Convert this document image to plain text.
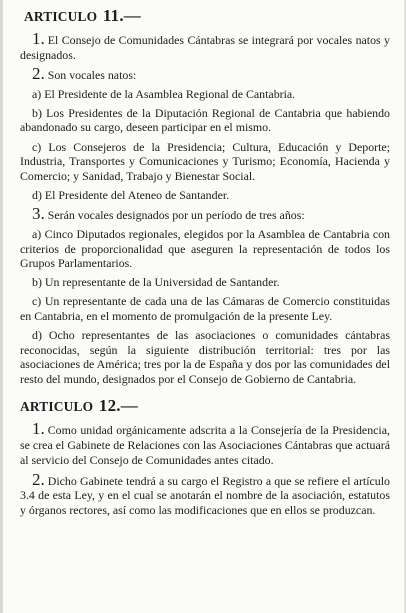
ARTICULO 11.—

1. El Consejo de Comunidades Cántabras se integrará por vocales natos y designados.

2. Son vocales natos:

a) El Presidente de la Asamblea Regional de Cantabria.

b) Los Presidentes de la Diputación Regional de Cantabria que habiendo abandonado su cargo, deseen participar en el mismo.

c) Los Consejeros de la Presidencia; Cultura, Educación y Deporte; Industria, Transportes y Comunicaciones y Turismo; Economía, Hacienda y Comercio; y Sanidad, Trabajo y Bienestar Social.

d) El Presidente del Ateneo de Santander.

3. Serán vocales designados por un período de tres años:

a) Cinco Diputados regionales, elegidos por la Asamblea de Cantabria con criterios de proporcionalidad que aseguren la representación de todos los Grupos Parlamentarios.

b) Un representante de la Universidad de Santander.

c) Un representante de cada una de las Cámaras de Comercio constituidas en Cantabria, en el momento de promulgación de la presente Ley.

d) Ocho representantes de las asociaciones o comunidades cántabras reconocidas, según la siguiente distribución territorial: tres por las asociaciones de América; tres por la de España y dos por las comunidades del resto del mundo, designados por el Consejo de Gobierno de Cantabria.

ARTICULO 12.—

1. Como unidad orgánicamente adscrita a la Consejería de la Presidencia, se crea el Gabinete de Relaciones con las Asociaciones Cántabras que actuará al servicio del Consejo de Comunidades antes citado.

2. Dicho Gabinete tendrá a su cargo el Registro a que se refiere el artículo 3.4 de esta Ley, y en el cual se anotarán el nombre de la asociación, estatutos y órganos rectores, así como las modificaciones que en ellos se produzcan.
